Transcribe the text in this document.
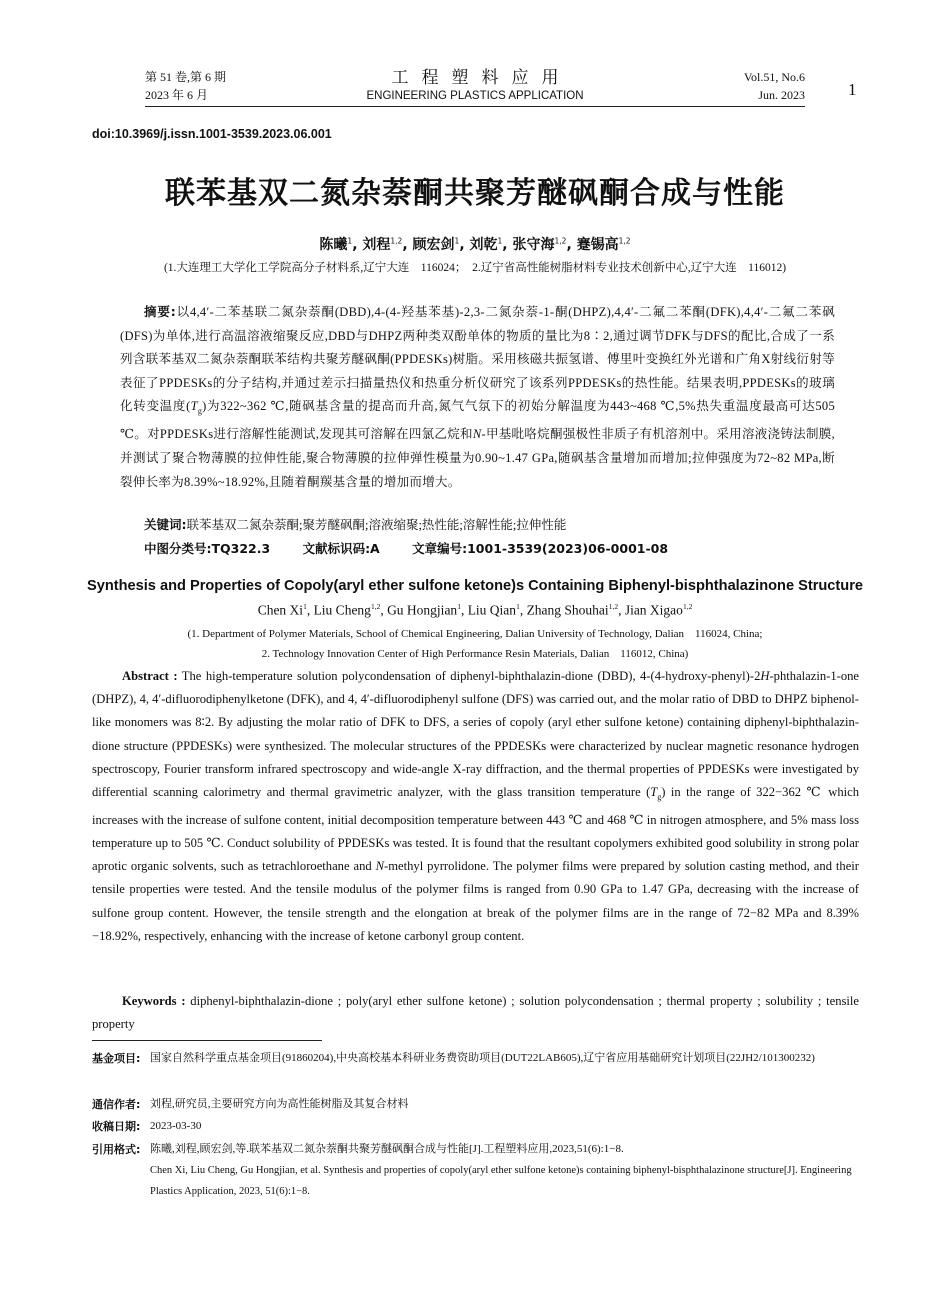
第 51 卷,第 6 期
2023 年 6 月
工程塑料应用
ENGINEERING PLASTICS APPLICATION
Vol.51, No.6
Jun. 2023	1
doi:10.3969/j.issn.1001-3539.2023.06.001
联苯基双二氮杂萘酮共聚芳醚砜酮合成与性能
陈曦$^1$, 刘程$^{1,2}$, 顾宏剑$^1$, 刘乾$^1$, 张守海$^{1,2}$, 蹇锡高$^{1,2}$
(1.大连理工大学化工学院高分子材料系,辽宁大连　116024；　2.辽宁省高性能树脂材料专业技术创新中心,辽宁大连　116012)
摘要:以4,4′-二苯基联二氮杂萘酮(DBD),4-(4-羟基苯基)-2,3-二氮杂萘-1-酮(DHPZ),4,4′-二氟二苯酮(DFK),4,4′-二氟二苯砜(DFS)为单体,进行高温溶液缩聚反应,DBD与DHPZ两种类双酚单体的物质的量比为8∶2,通过调节DFK与DFS的配比,合成了一系列含联苯基双二氮杂萘酮联苯结构共聚芳醚砜酮(PPDESKs)树脂。采用核磁共振氢谱、傅里叶变换红外光谱和广角X射线衍射等表征了PPDESKs的分子结构,并通过差示扫描量热仪和热重分析仪研究了该系列PPDESKs的热性能。结果表明,PPDESKs的玻璃化转变温度$(T_g)$为322~362 ℃,随砜基含量的提高而升高,氮气气氛下的初始分解温度为443~468 ℃,5%热失重温度最高可达505 ℃。对PPDESKs进行溶解性能测试,发现其可溶解在四氯乙烷和N-甲基吡咯烷酮强极性非质子有机溶剂中。采用溶液浇铸法制膜,并测试了聚合物薄膜的拉伸性能,聚合物薄膜的拉伸弹性模量为0.90~1.47 GPa,随砜基含量增加而增加;拉伸强度为72~82 MPa,断裂伸长率为8.39%~18.92%,且随着酮羰基含量的增加而增大。
关键词:联苯基双二氮杂萘酮;聚芳醚砜酮;溶液缩聚;热性能;溶解性能;拉伸性能
中图分类号:TQ322.3	文献标识码:A	文章编号:1001-3539(2023)06-0001-08
Synthesis and Properties of Copoly(aryl ether sulfone ketone)s Containing Biphenyl-bisphthalazinone Structure
Chen Xi$^1$, Liu Cheng$^{1,2}$, Gu Hongjian$^1$, Liu Qian$^1$, Zhang Shouhai$^{1,2}$, Jian Xigao$^{1,2}$
(1. Department of Polymer Materials, School of Chemical Engineering, Dalian University of Technology, Dalian　116024, China;
2. Technology Innovation Center of High Performance Resin Materials, Dalian　116012, China)
Abstract : The high-temperature solution polycondensation of diphenyl-biphthalazin-dione (DBD), 4-(4-hydroxy-phenyl)-2H-phthalazin-1-one (DHPZ), 4, 4′-difluorodiphenylketone (DFK), and 4, 4′-difluorodiphenyl sulfone (DFS) was carried out, and the molar ratio of DBD to DHPZ biphenol-like monomers was 8∶2. By adjusting the molar ratio of DFK to DFS, a series of copoly (aryl ether sulfone ketone) containing diphenyl-biphthalazin-dione structure (PPDESKs) were synthesized. The molecular structures of the PPDESKs were characterized by nuclear magnetic resonance hydrogen spectroscopy, Fourier transform infrared spectroscopy and wide-angle X-ray diffraction, and the thermal properties of PPDESKs were investigated by differential scanning calorimetry and thermal gravimetric analyzer, with the glass transition temperature $(T_g)$ in the range of 322−362 ℃ which increases with the increase of sulfone content, initial decomposition temperature between 443 ℃ and 468 ℃ in nitrogen atmosphere, and 5% mass loss temperature up to 505 ℃. Conduct solubility of PPDESKs was tested. It is found that the resultant copolymers exhibited good solubility in strong polar aprotic organic solvents, such as tetrachloroethane and N-methyl pyrrolidone. The polymer films were prepared by solution casting method, and their tensile properties were tested. And the tensile modulus of the polymer films is ranged from 0.90 GPa to 1.47 GPa, decreasing with the increase of sulfone group content. However, the tensile strength and the elongation at break of the polymer films are in the range of 72−82 MPa and 8.39%−18.92%, respectively, enhancing with the increase of ketone carbonyl group content.
Keywords : diphenyl-biphthalazin-dione ; poly(aryl ether sulfone ketone) ; solution polycondensation ; thermal property ; solubility ; tensile property
基金项目: 国家自然科学重点基金项目(91860204),中央高校基本科研业务费资助项目(DUT22LAB605),辽宁省应用基础研究计划项目(22JH2/101300232)
通信作者: 刘程,研究员,主要研究方向为高性能树脂及其复合材料
收稿日期: 2023-03-30
引用格式: 陈曦,刘程,顾宏剑,等.联苯基双二氮杂萘酮共聚芳醚砜酮合成与性能[J].工程塑料应用,2023,51(6):1−8.
Chen Xi, Liu Cheng, Gu Hongjian, et al. Synthesis and properties of copoly(aryl ether sulfone ketone)s containing biphenyl-bisphthalazinone structure[J]. Engineering Plastics Application, 2023, 51(6):1−8.
